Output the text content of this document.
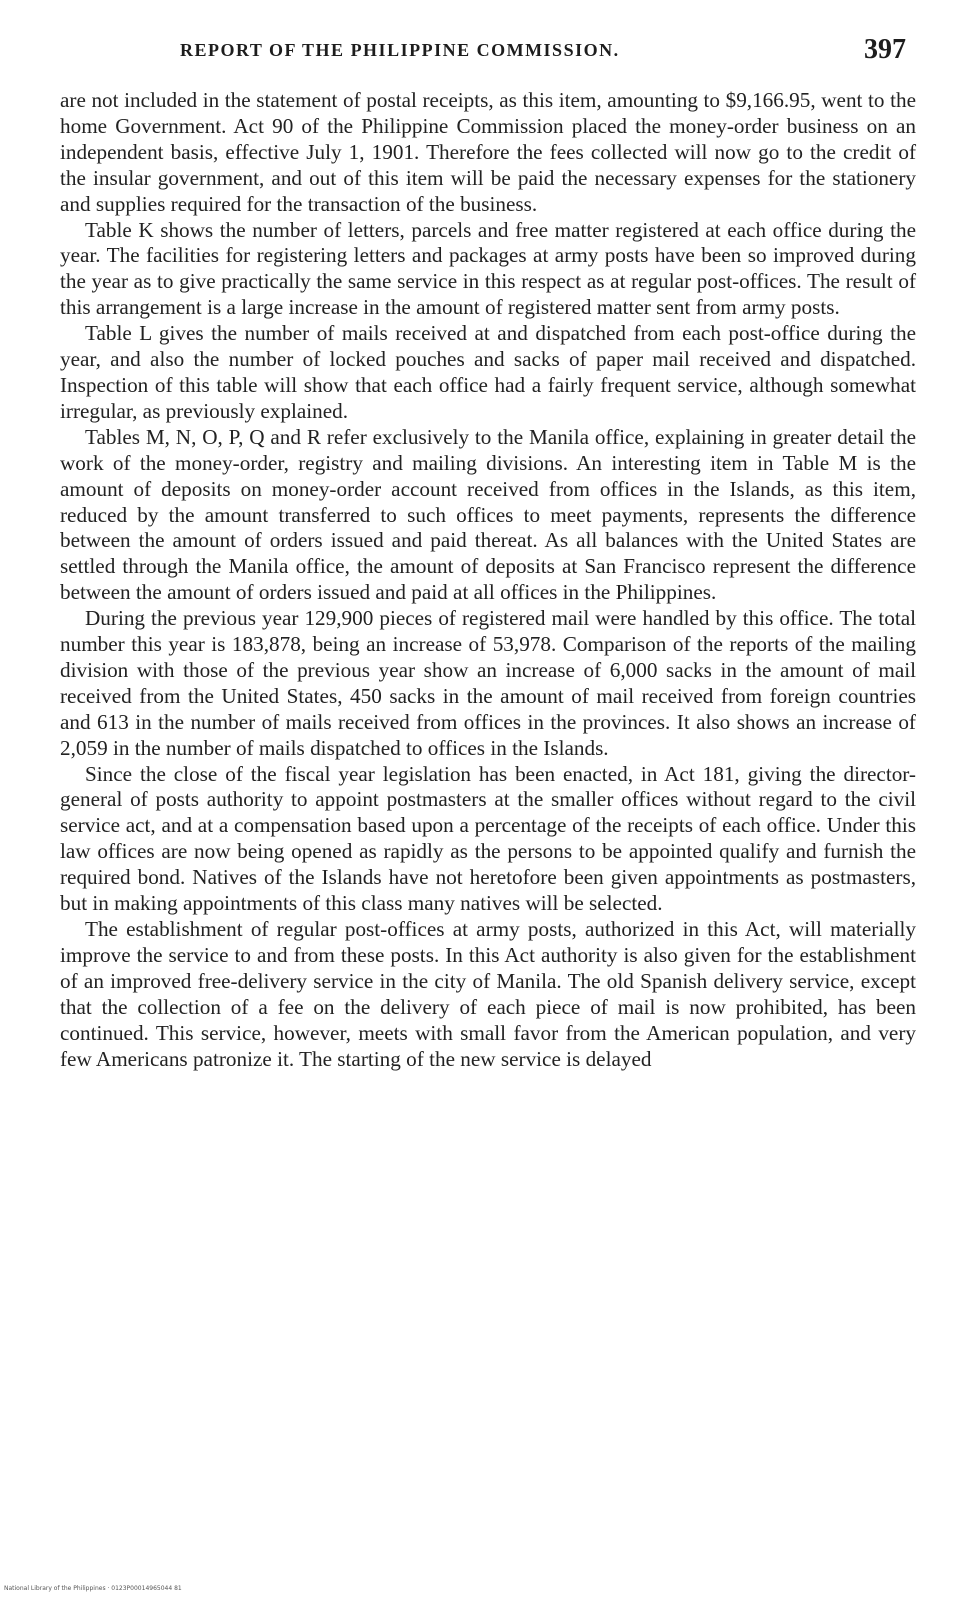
REPORT OF THE PHILIPPINE COMMISSION.	397

are not included in the statement of postal receipts, as this item, amounting to $9,166.95, went to the home Government. Act 90 of the Philippine Commission placed the money-order business on an independent basis, effective July 1, 1901. Therefore the fees collected will now go to the credit of the insular government, and out of this item will be paid the necessary expenses for the stationery and supplies required for the transaction of the business.

Table K shows the number of letters, parcels and free matter registered at each office during the year. The facilities for registering letters and packages at army posts have been so improved during the year as to give practically the same service in this respect as at regular post-offices. The result of this arrangement is a large increase in the amount of registered matter sent from army posts.

Table L gives the number of mails received at and dispatched from each post-office during the year, and also the number of locked pouches and sacks of paper mail received and dispatched. Inspection of this table will show that each office had a fairly frequent service, although somewhat irregular, as previously explained.

Tables M, N, O, P, Q and R refer exclusively to the Manila office, explaining in greater detail the work of the money-order, registry and mailing divisions. An interesting item in Table M is the amount of deposits on money-order account received from offices in the Islands, as this item, reduced by the amount transferred to such offices to meet payments, represents the difference between the amount of orders issued and paid thereat. As all balances with the United States are settled through the Manila office, the amount of deposits at San Francisco represent the difference between the amount of orders issued and paid at all offices in the Philippines.

During the previous year 129,900 pieces of registered mail were handled by this office. The total number this year is 183,878, being an increase of 53,978. Comparison of the reports of the mailing division with those of the previous year show an increase of 6,000 sacks in the amount of mail received from the United States, 450 sacks in the amount of mail received from foreign countries and 613 in the number of mails received from offices in the provinces. It also shows an increase of 2,059 in the number of mails dispatched to offices in the Islands.

Since the close of the fiscal year legislation has been enacted, in Act 181, giving the director-general of posts authority to appoint postmasters at the smaller offices without regard to the civil service act, and at a compensation based upon a percentage of the receipts of each office. Under this law offices are now being opened as rapidly as the persons to be appointed qualify and furnish the required bond. Natives of the Islands have not heretofore been given appointments as postmasters, but in making appointments of this class many natives will be selected.

The establishment of regular post-offices at army posts, authorized in this Act, will materially improve the service to and from these posts. In this Act authority is also given for the establishment of an improved free-delivery service in the city of Manila. The old Spanish delivery service, except that the collection of a fee on the delivery of each piece of mail is now prohibited, has been continued. This service, however, meets with small favor from the American population, and very few Americans patronize it. The starting of the new service is delayed

National Library of the Philippines · 0123P00014965044 81
